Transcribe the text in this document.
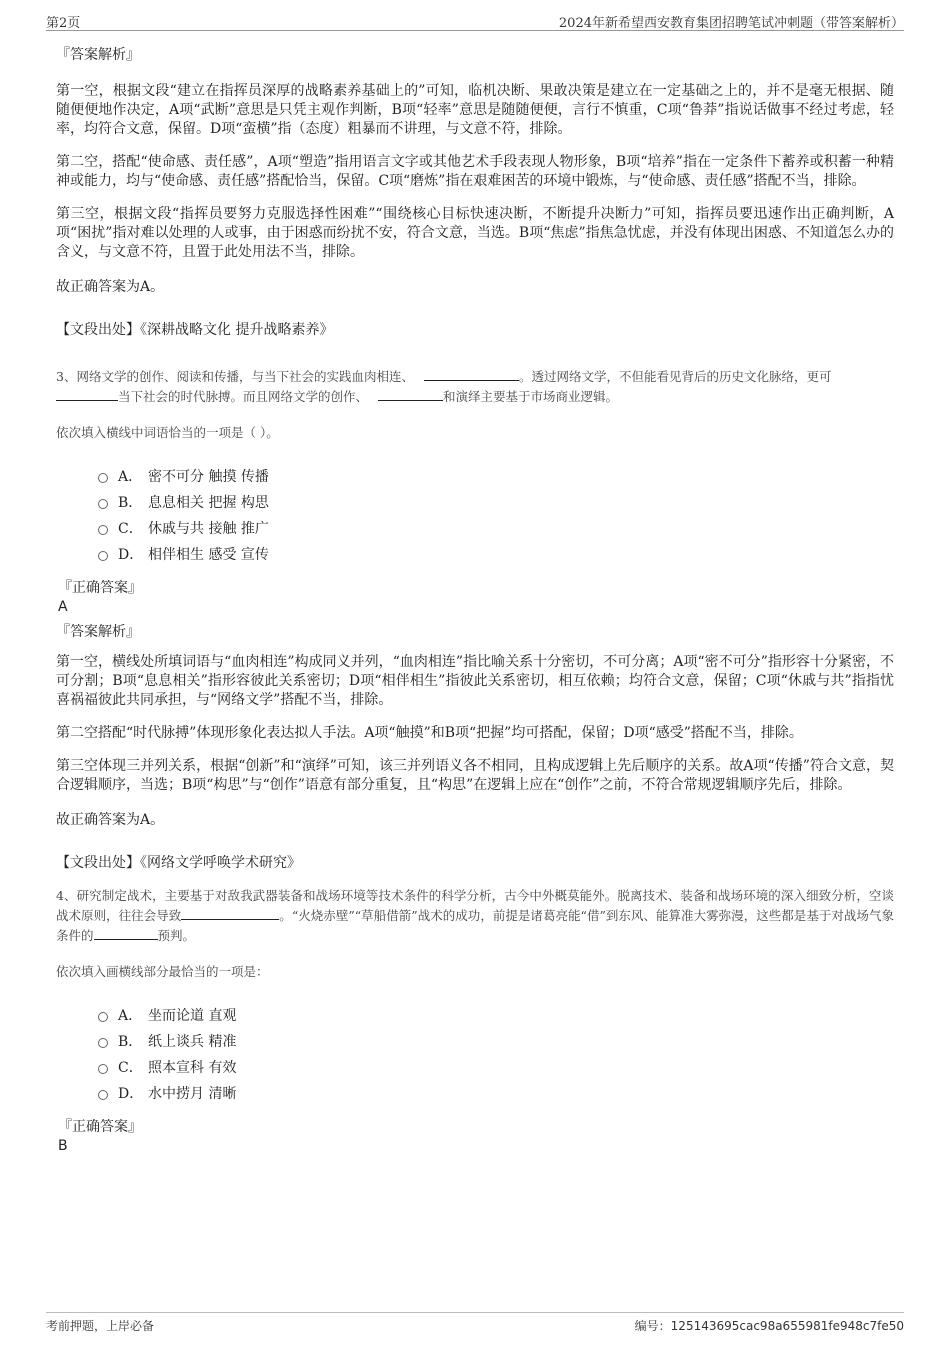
第2页	2024年新希望西安教育集团招聘笔试冲刺题（带答案解析）
『答案解析』

第一空，根据文段“建立在指挥员深厚的战略素养基础上的”可知，临机决断、果敢决策是建立在一定基础之上的，并不是毫无根据、随随便便地作决定，A项“武断”意思是只凭主观作判断，B项“轻率”意思是随随便便，言行不慎重，C项“鲁莽”指说话做事不经过考虑，轻率，均符合文意，保留。D项“蛮横”指（态度）粗暴而不讲理，与文意不符，排除。

第二空，搭配“使命感、责任感”，A项“塑造”指用语言文字或其他艺术手段表现人物形象，B项“培养”指在一定条件下蓄养或积蓄一种精神或能力，均与“使命感、责任感”搭配恰当，保留。C项“磨炼”指在艰难困苦的环境中锻炼，与“使命感、责任感”搭配不当，排除。

第三空，根据文段“指挥员要努力克服选择性困难”“围绕核心目标快速决断，不断提升决断力”可知，指挥员要迅速作出正确判断，A项“困扰”指对难以处理的人或事，由于困惑而纷扰不安，符合文意，当选。B项“焦虑”指焦急忧虑，并没有体现出困惑、不知道怎么办的含义，与文意不符，且置于此处用法不当，排除。

故正确答案为A。

【文段出处】《深耕战略文化 提升战略素养》

3、网络文学的创作、阅读和传播，与当下社会的实践血肉相连、	。透过网络文学，不但能看见背后的历史文化脉络，更可
当下社会的时代脉搏。而且网络文学的创作、	和演绎主要基于市场商业逻辑。

依次填入横线中词语恰当的一项是（ ）。

A． 密不可分 触摸 传播
B． 息息相关 把握 构思
C． 休戚与共 接触 推广
D． 相伴相生 感受 宣传
『正确答案』
A
『答案解析』

第一空，横线处所填词语与“血肉相连”构成同义并列，“血肉相连”指比喻关系十分密切，不可分离；A项“密不可分”指形容十分紧密，不可分割；B项“息息相关”指形容彼此关系密切；D项“相伴相生”指彼此关系密切，相互依赖；均符合文意，保留；C项“休戚与共”指指忧喜祸福彼此共同承担，与“网络文学”搭配不当，排除。

第二空搭配“时代脉搏”体现形象化表达拟人手法。A项“触摸”和B项“把握”均可搭配，保留；D项“感受”搭配不当，排除。

第三空体现三并列关系，根据“创新”和“演绎”可知，该三并列语义各不相同，且构成逻辑上先后顺序的关系。故A项“传播”符合文意，契合逻辑顺序，当选；B项“构思”与“创作”语意有部分重复，且“构思”在逻辑上应在“创作”之前，不符合常规逻辑顺序先后，排除。

故正确答案为A。

【文段出处】《网络文学呼唤学术研究》

4、研究制定战术，主要基于对敌我武器装备和战场环境等技术条件的科学分析，古今中外概莫能外。脱离技术、装备和战场环境的深入细致分析，空谈战术原则，往往会导致	。“火烧赤壁”“草船借箭”战术的成功，前提是诸葛亮能“借”到东风、能算准大雾弥漫，这些都是基于对战场气象条件的	预判。

依次填入画横线部分最恰当的一项是：

A． 坐而论道 直观
B． 纸上谈兵 精准
C． 照本宣科 有效
D． 水中捞月 清晰
『正确答案』
B
考前押题，上岸必备	编号：125143695cac98a655981fe948c7fe50
